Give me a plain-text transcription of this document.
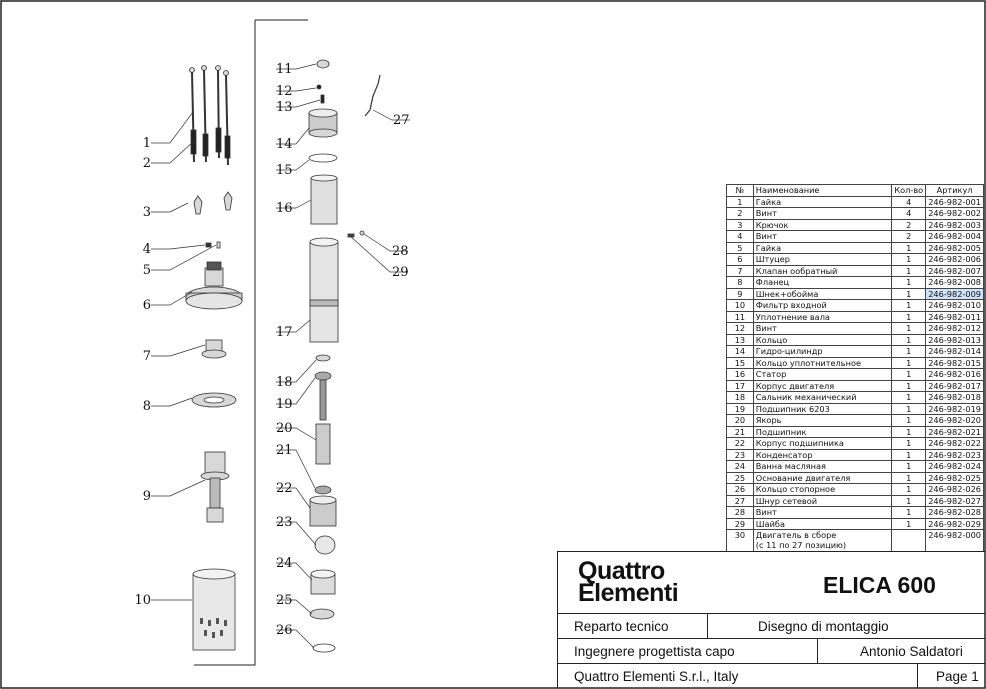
1
2
3
4
5
6
7
8
9
10
11
12
13
14
15
16
17
18
19
20
21
22
23
24
25
26
27
28
29
№	Наименование	Кол-во	Артикул
1	Гайка	4	246-982-001
2	Винт	4	246-982-002
3	Крючок	2	246-982-003
4	Винт	2	246-982-004
5	Гайка	1	246-982-005
6	Штуцер	1	246-982-006
7	Клапан ообратный	1	246-982-007
8	Фланец	1	246-982-008
9	Шнек+обойма	1	246-982-009
10	Фильтр входной	1	246-982-010
11	Уплотнение вала	1	246-982-011
12	Винт	1	246-982-012
13	Кольцо	1	246-982-013
14	Гидро-цилиндр	1	246-982-014
15	Кольцо уплотнительное	1	246-982-015
16	Статор	1	246-982-016
17	Корпус двигателя	1	246-982-017
18	Сальник механический	1	246-982-018
19	Подшипник 6203	1	246-982-019
20	Якорь	1	246-982-020
21	Подшипник	1	246-982-021
22	Корпус подшипника	1	246-982-022
23	Конденсатор	1	246-982-023
24	Ванна масляная	1	246-982-024
25	Основание двигателя	1	246-982-025
26	Кольцо стопорное	1	246-982-026
27	Шнур сетевой	1	246-982-027
28	Винт	1	246-982-028
29	Шайба	1	246-982-029
30	Двигатель в сборе
(с 11 по 27 позицию)		246-982-000
Quattro
Elementi	ELICA 600
Reparto tecnico	Disegno di montaggio
Ingegnere progettista capo	Antonio Saldatori
Quattro Elementi S.r.l., Italy	Page 1
